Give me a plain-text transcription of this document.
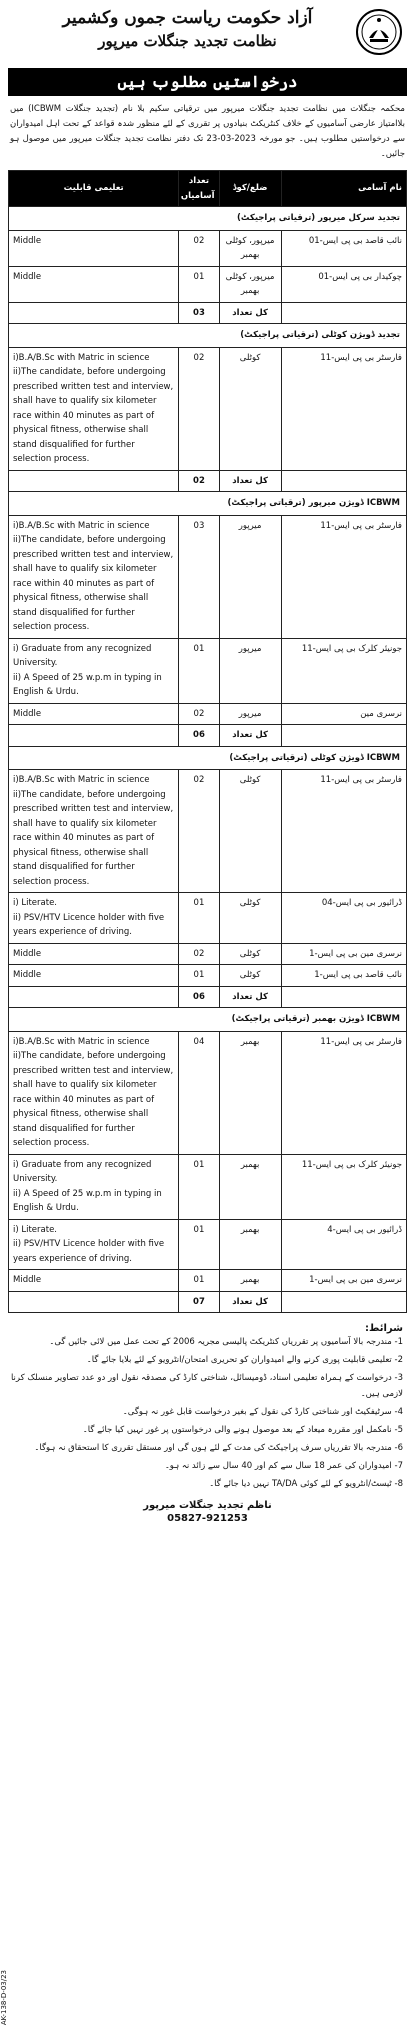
آزاد حکومت ریاست جموں وکشمیر
نظامت تجدید جنگلات میرپور
درخواستیں مطلوب ہیں
محکمہ جنگلات میں نظامت تجدید جنگلات میرپور میں ترقیاتی سکیم بلا نام (تجدید جنگلات ICBWM) میں بلاامتیاز عارضی آسامیوں کے خلاف کنٹریکٹ بنیادوں پر تقرری کے لئے منظور شدہ قواعد کے تحت اہل امیدواران سے درخواستیں مطلوب ہیں۔ جو مورخہ 2023-03-23 تک دفتر نظامت تجدید جنگلات میرپور میں موصول ہو جائیں۔
تعلیمی قابلیت	تعداد آسامیاں	ضلع/کوڈ	نام آسامی
تجدید سرکل میرپور (ترقیاتی پراجیکٹ)			

Middle	02	میرپور، کوٹلی بھمبر	نائب قاصد بی پی ایس-01

Middle	01	میرپور، کوٹلی بھمبر	چوکیدار بی پی ایس-01
	03	کل تعداد	
تجدید ڈویژن کوٹلی (ترقیاتی پراجیکٹ)			

i)B.A/B.Sc with Matric in science
ii)The candidate, before undergoing prescribed written test and interview, shall have to qualify six kilometer race within 40 minutes as part of physical fitness, otherwise shall stand disqualified for further selection process.	02	کوٹلی	فارسٹر بی پی ایس-11
	02	کل تعداد	
ICBWM ڈویژن میرپور (ترقیاتی پراجیکٹ)			

i)B.A/B.Sc with Matric in science
ii)The candidate, before undergoing prescribed written test and interview, shall have to qualify six kilometer race within 40 minutes as part of physical fitness, otherwise shall stand disqualified for further selection process.	03	میرپور	فارسٹر بی پی ایس-11

i) Graduate from any recognized University.
ii) A Speed of 25 w.p.m in typing in English & Urdu.	01	میرپور	جونیئر کلرک بی پی ایس-11

Middle	02	میرپور	نرسری مین
	06	کل تعداد	
ICBWM ڈویژن کوٹلی (ترقیاتی پراجیکٹ)			

i)B.A/B.Sc with Matric in science
ii)The candidate, before undergoing prescribed written test and interview, shall have to qualify six kilometer race within 40 minutes as part of physical fitness, otherwise shall stand disqualified for further selection process.	02	کوٹلی	فارسٹر بی پی ایس-11

i) Literate.
ii) PSV/HTV Licence holder with five years experience of driving.	01	کوٹلی	ڈرائیور بی پی ایس-04

Middle	02	کوٹلی	نرسری مین بی پی ایس-1

Middle	01	کوٹلی	نائب قاصد بی پی ایس-1
	06	کل تعداد	
ICBWM ڈویژن بھمبر (ترقیاتی پراجیکٹ)			

i)B.A/B.Sc with Matric in science
ii)The candidate, before undergoing prescribed written test and interview, shall have to qualify six kilometer race within 40 minutes as part of physical fitness, otherwise shall stand disqualified for further selection process.	04	بھمبر	فارسٹر بی پی ایس-11

i) Graduate from any recognized University.
ii) A Speed of 25 w.p.m in typing in English & Urdu.	01	بھمبر	جونیئر کلرک بی پی ایس-11

i) Literate.
ii) PSV/HTV Licence holder with five years experience of driving.	01	بھمبر	ڈرائیور بی پی ایس-4

Middle	01	بھمبر	نرسری مین بی پی ایس-1
	07	کل تعداد	
شرائط:
1- مندرجہ بالا آسامیوں پر تقرریاں کنٹریکٹ پالیسی مجریہ 2006 کے تحت عمل میں لائی جائیں گی۔
2- تعلیمی قابلیت پوری کرنے والے امیدواران کو تحریری امتحان/انٹرویو کے لئے بلایا جائے گا۔
3- درخواست کے ہمراہ تعلیمی اسناد، ڈومیسائل، شناختی کارڈ کی مصدقہ نقول اور دو عدد تصاویر منسلک کرنا لازمی ہیں۔
4- سرٹیفکیٹ اور شناختی کارڈ کی نقول کے بغیر درخواست قابل غور نہ ہوگی۔
5- نامکمل اور مقررہ میعاد کے بعد موصول ہونے والی درخواستوں پر غور نہیں کیا جائے گا۔
6- مندرجہ بالا تقرریاں سرف پراجیکٹ کی مدت کے لئے ہوں گی اور مستقل تقرری کا استحقاق نہ ہوگا۔
7- امیدواران کی عمر 18 سال سے کم اور 40 سال سے زائد نہ ہو۔
8- ٹیسٹ/انٹرویو کے لئے کوئی TA/DA نہیں دیا جائے گا۔
ناظم تجدید جنگلات میرپور
05827-921253
AK-138-D-03/23
